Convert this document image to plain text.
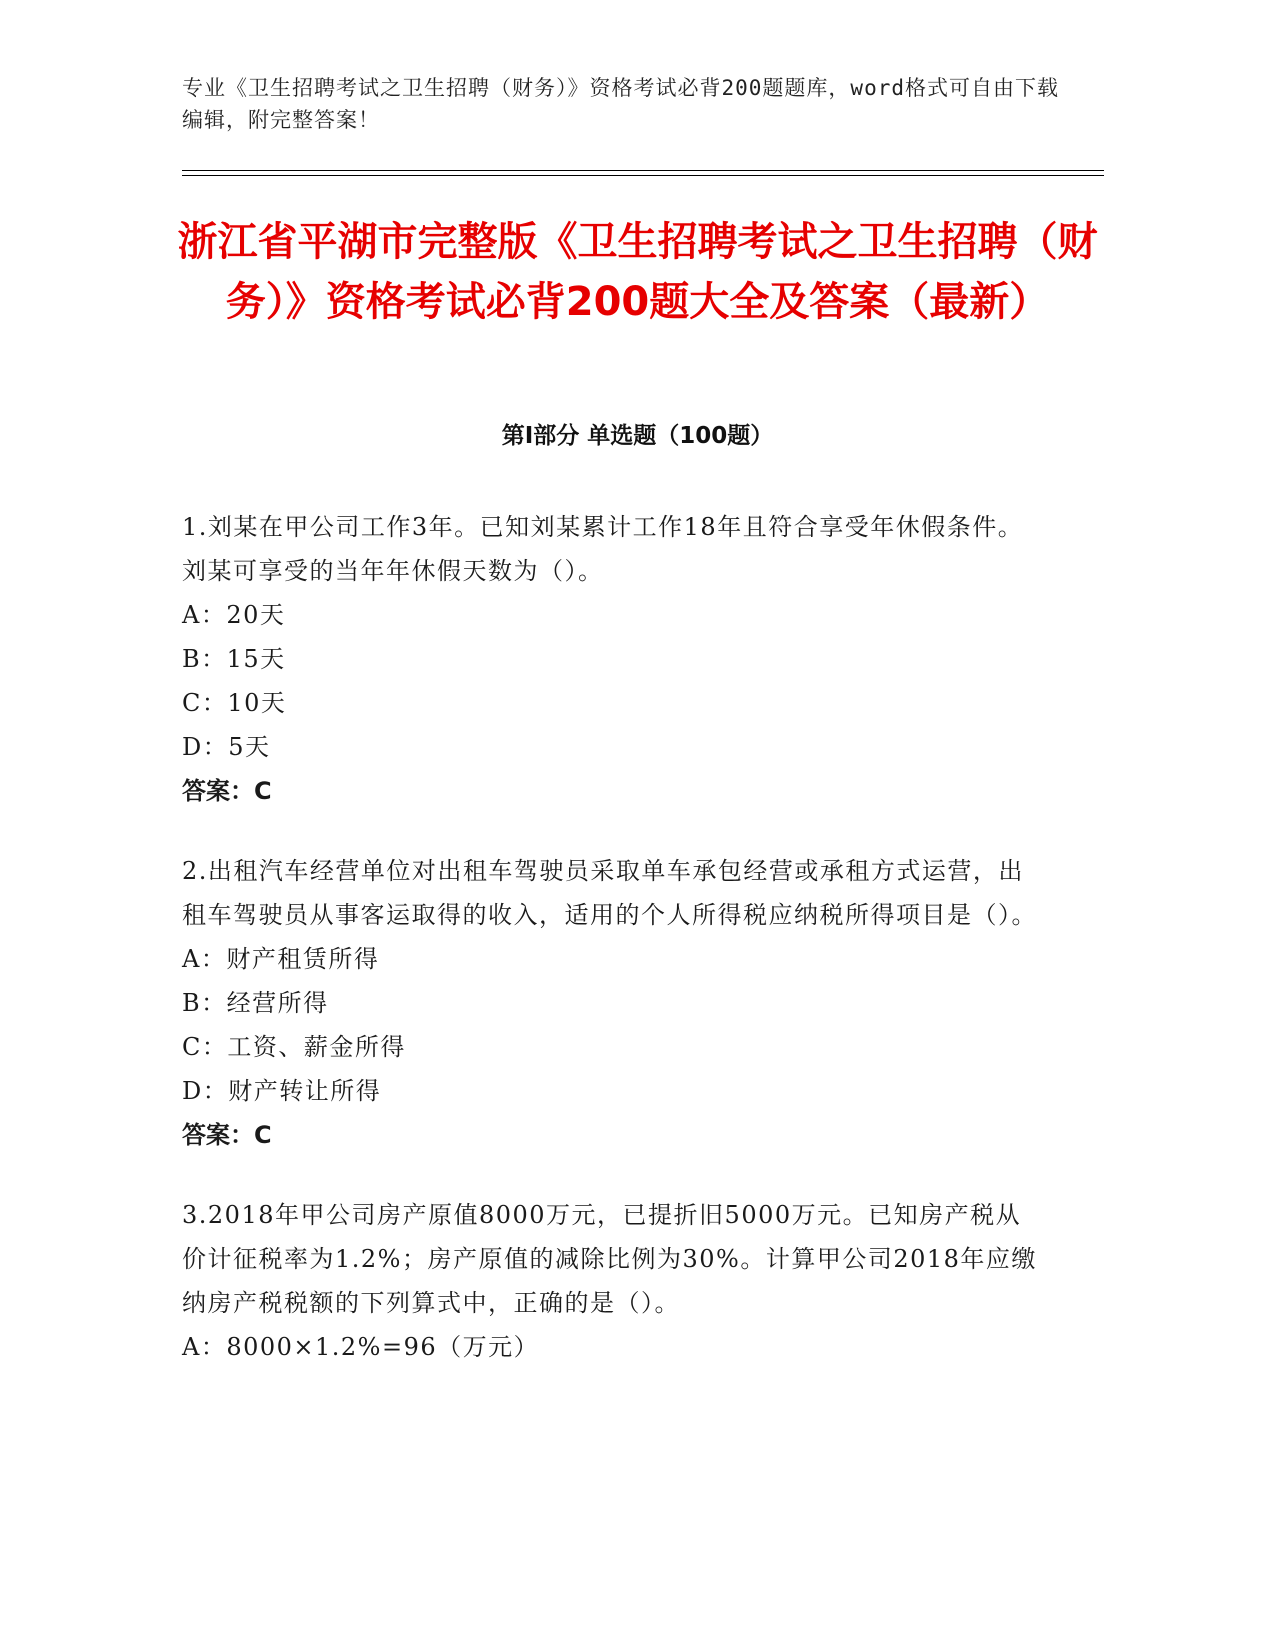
专业《卫生招聘考试之卫生招聘（财务）》资格考试必背200题题库，word格式可自由下载编辑，附完整答案！
浙江省平湖市完整版《卫生招聘考试之卫生招聘（财务）》资格考试必背200题大全及答案（最新）
第Ⅰ部分 单选题（100题）

1.刘某在甲公司工作3年。已知刘某累计工作18年且符合享受年休假条件。刘某可享受的当年年休假天数为（）。

A：20天

B：15天

C：10天

D：5天

答案：C

2.出租汽车经营单位对出租车驾驶员采取单车承包经营或承租方式运营，出租车驾驶员从事客运取得的收入，适用的个人所得税应纳税所得项目是（）。

A：财产租赁所得

B：经营所得

C：工资、薪金所得

D：财产转让所得

答案：C

3.2018年甲公司房产原值8000万元，已提折旧5000万元。已知房产税从价计征税率为1.2%；房产原值的减除比例为30%。计算甲公司2018年应缴纳房产税税额的下列算式中，正确的是（）。

A：8000×1.2%=96（万元）
